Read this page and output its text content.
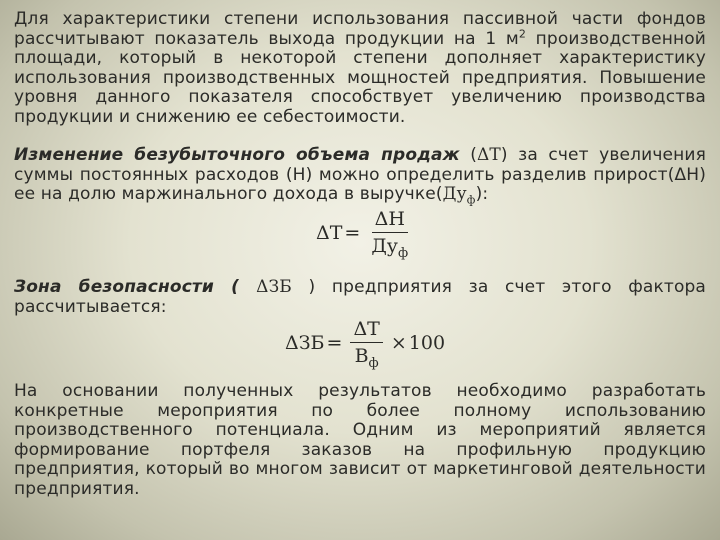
Для характеристики степени использования пассивной части фондов рассчитывают показатель выхода продукции на 1 $м^2$ производственной площади, который в некоторой степени дополняет характеристику использования производственных мощностей предприятия. Повышение уровня данного показателя способствует увеличению производства продукции и снижению ее себестоимости.

Изменение безубыточного объема продаж (ΔT) за счет увеличения суммы постоянных расходов (Н) можно определить разделив прирост(ΔН) ее на долю маржинального дохода в $выручке(Ду_ф)$:

$\Delta T = \frac{\Delta H}{Ду_ф}$

Зона безопасности ( ΔЗБ ) предприятия за счет этого фактора рассчитывается:

$\Delta ЗБ = \frac{\Delta T}{В_ф} \times 100$

На основании полученных результатов необходимо разработать конкретные мероприятия по более полному использованию производственного потенциала. Одним из мероприятий является формирование портфеля заказов на профильную продукцию предприятия, который во многом зависит от маркетинговой деятельности предприятия.
